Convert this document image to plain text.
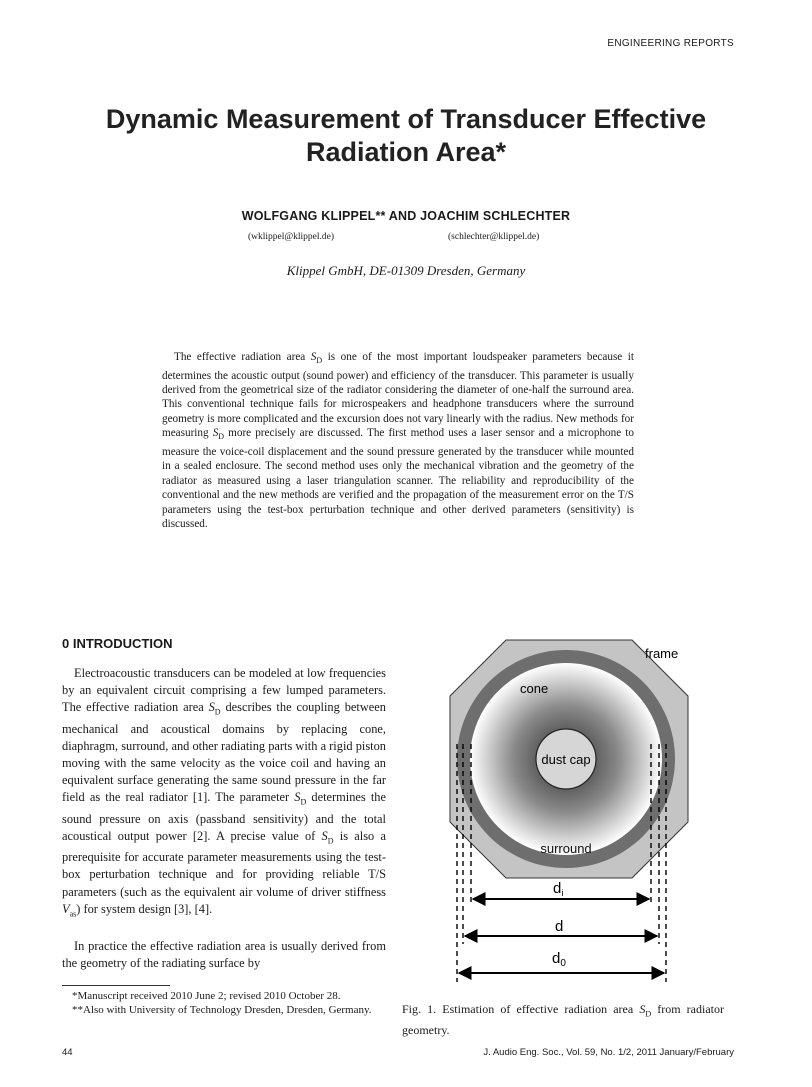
ENGINEERING REPORTS
Dynamic Measurement of Transducer Effective
Radiation Area*
WOLFGANG KLIPPEL** AND JOACHIM SCHLECHTER
(wklippel@klippel.de)	(schlechter@klippel.de)
Klippel GmbH, DE-01309 Dresden, Germany
The effective radiation area $S_D$ is one of the most important loudspeaker parameters because it determines the acoustic output (sound power) and efficiency of the transducer. This parameter is usually derived from the geometrical size of the radiator considering the diameter of one-half the surround area. This conventional technique fails for microspeakers and headphone transducers where the surround geometry is more complicated and the excursion does not vary linearly with the radius. New methods for measuring $S_D$ more precisely are discussed. The first method uses a laser sensor and a microphone to measure the voice-coil displacement and the sound pressure generated by the transducer while mounted in a sealed enclosure. The second method uses only the mechanical vibration and the geometry of the radiator as measured using a laser triangulation scanner. The reliability and reproducibility of the conventional and the new methods are verified and the propagation of the measurement error on the T/S parameters using the test-box perturbation technique and other derived parameters (sensitivity) is discussed.
0 INTRODUCTION
Electroacoustic transducers can be modeled at low frequencies by an equivalent circuit comprising a few lumped parameters. The effective radiation area $S_D$ describes the coupling between mechanical and acoustical domains by replacing cone, diaphragm, surround, and other radiating parts with a rigid piston moving with the same velocity as the voice coil and having an equivalent surface generating the same sound pressure in the far field as the real radiator [1]. The parameter $S_D$ determines the sound pressure on axis (passband sensitivity) and the total acoustical output power [2]. A precise value of $S_D$ is also a prerequisite for accurate parameter measurements using the test-box perturbation technique and for providing reliable T/S parameters (such as the equivalent air volume of driver stiffness $V_{as}$) for system design [3], [4].
In practice the effective radiation area is usually derived from the geometry of the radiating surface by

*Manuscript received 2010 June 2; revised 2010 October 28.

**Also with University of Technology Dresden, Dresden, Germany.

frame
cone
dust cap
surround
$d_i$
d
$d_0$
Fig. 1. Estimation of effective radiation area $S_D$ from radiator geometry.
44	J. Audio Eng. Soc., Vol. 59, No. 1/2, 2011 January/February
